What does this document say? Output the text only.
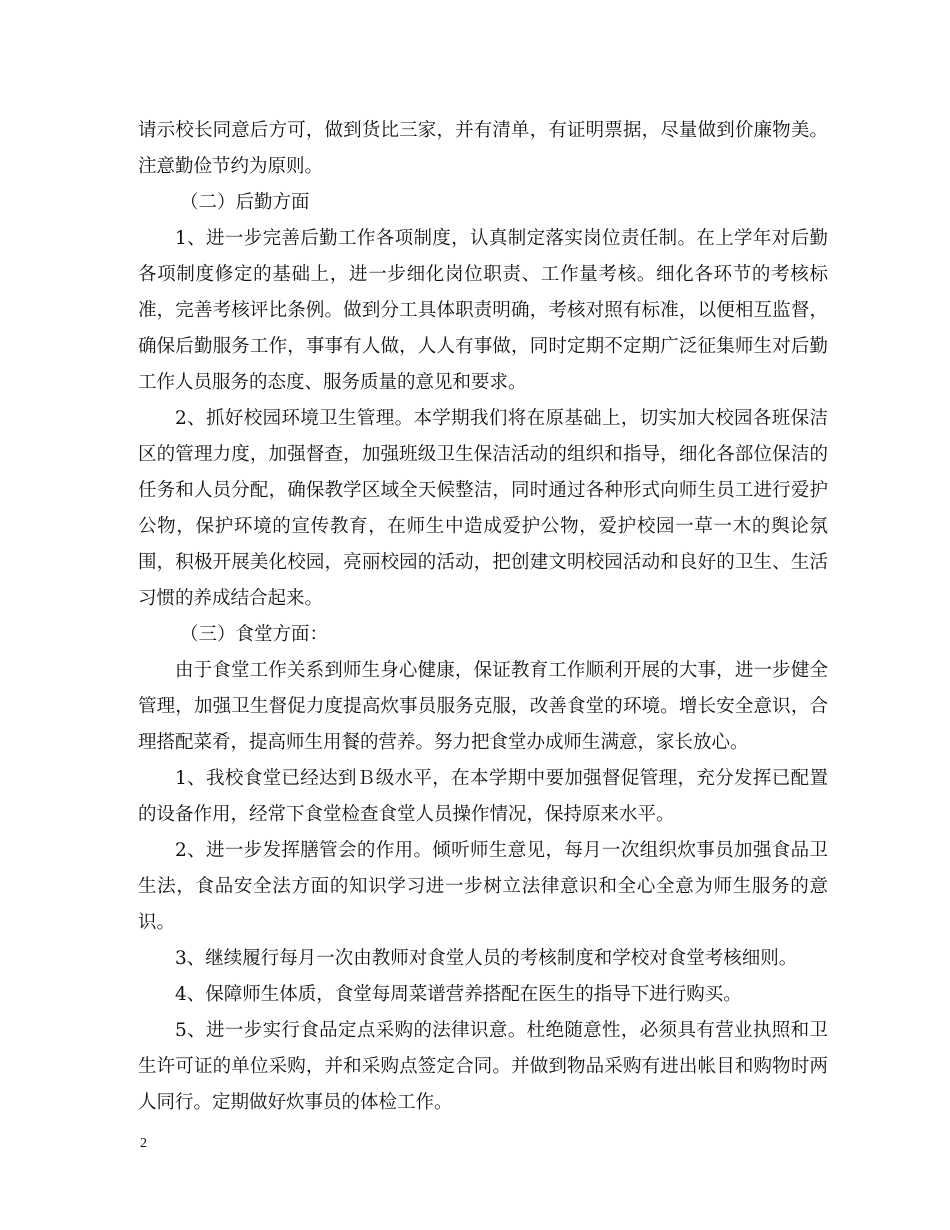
请示校长同意后方可，做到货比三家，并有清单，有证明票据，尽量做到价廉物美。注意勤俭节约为原则。

（二）后勤方面

1、进一步完善后勤工作各项制度，认真制定落实岗位责任制。在上学年对后勤各项制度修定的基础上，进一步细化岗位职责、工作量考核。细化各环节的考核标准，完善考核评比条例。做到分工具体职责明确，考核对照有标准，以便相互监督，确保后勤服务工作，事事有人做，人人有事做，同时定期不定期广泛征集师生对后勤工作人员服务的态度、服务质量的意见和要求。

2、抓好校园环境卫生管理。本学期我们将在原基础上，切实加大校园各班保洁区的管理力度，加强督查，加强班级卫生保洁活动的组织和指导，细化各部位保洁的任务和人员分配，确保教学区域全天候整洁，同时通过各种形式向师生员工进行爱护公物，保护环境的宣传教育，在师生中造成爱护公物，爱护校园一草一木的舆论氛围，积极开展美化校园，亮丽校园的活动，把创建文明校园活动和良好的卫生、生活习惯的养成结合起来。

（三）食堂方面：

由于食堂工作关系到师生身心健康，保证教育工作顺利开展的大事，进一步健全管理，加强卫生督促力度提高炊事员服务克服，改善食堂的环境。增长安全意识，合理搭配菜肴，提高师生用餐的营养。努力把食堂办成师生满意，家长放心。

1、我校食堂已经达到Ｂ级水平，在本学期中要加强督促管理，充分发挥已配置的设备作用，经常下食堂检查食堂人员操作情况，保持原来水平。

2、进一步发挥膳管会的作用。倾听师生意见，每月一次组织炊事员加强食品卫生法，食品安全法方面的知识学习进一步树立法律意识和全心全意为师生服务的意识。

3、继续履行每月一次由教师对食堂人员的考核制度和学校对食堂考核细则。

4、保障师生体质，食堂每周菜谱营养搭配在医生的指导下进行购买。

5、进一步实行食品定点采购的法律识意。杜绝随意性，必须具有营业执照和卫生许可证的单位采购，并和采购点签定合同。并做到物品采购有进出帐目和购物时两人同行。定期做好炊事员的体检工作。

2
